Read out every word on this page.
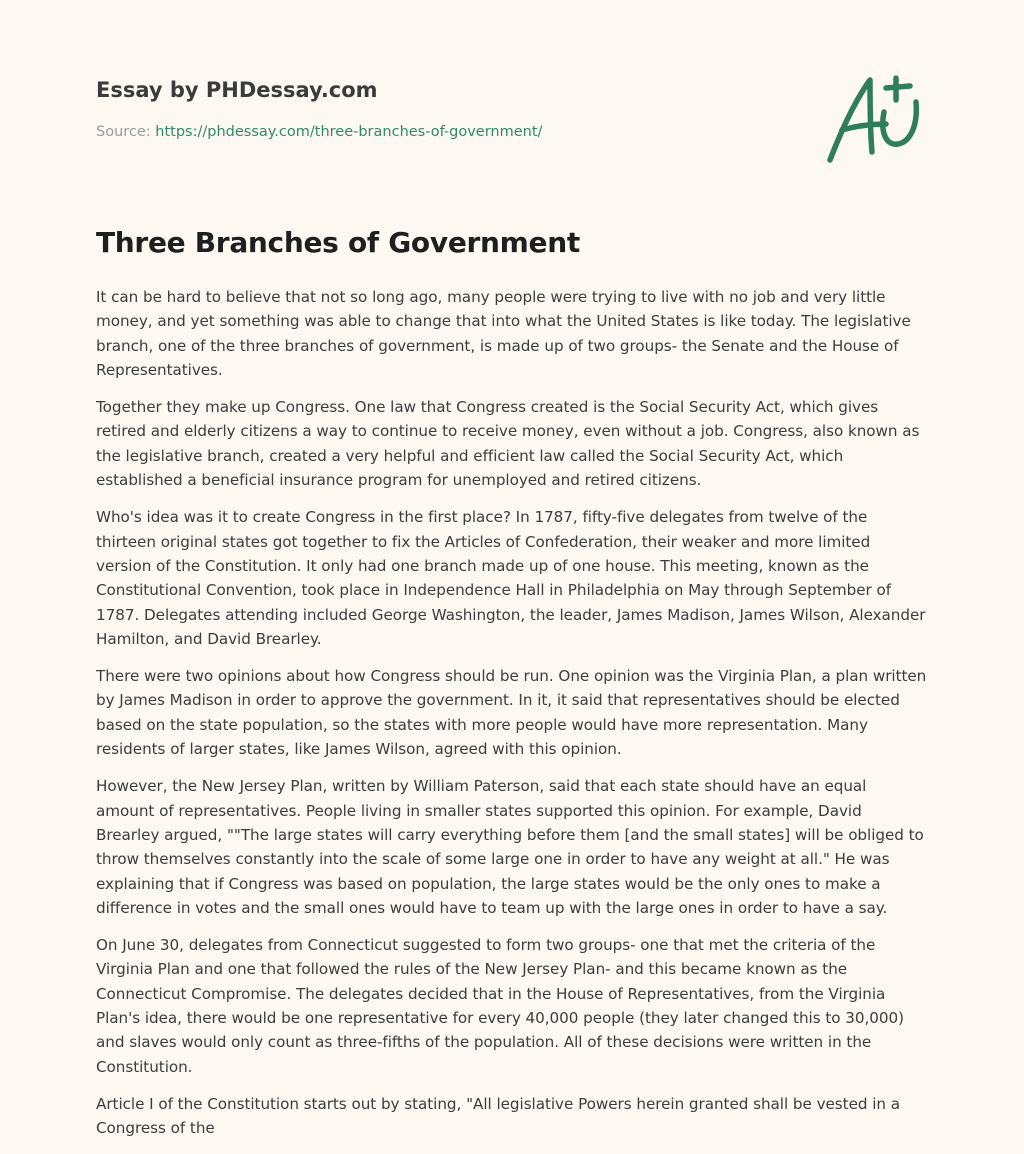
Essay by PHDessay.com
Source: https://phdessay.com/three-branches-of-government/
Three Branches of Government

It can be hard to believe that not so long ago, many people were trying to live with no job and very little money, and yet something was able to change that into what the United States is like today. The legislative branch, one of the three branches of government, is made up of two groups- the Senate and the House of Representatives.

Together they make up Congress. One law that Congress created is the Social Security Act, which gives retired and elderly citizens a way to continue to receive money, even without a job. Congress, also known as the legislative branch, created a very helpful and efficient law called the Social Security Act, which established a beneficial insurance program for unemployed and retired citizens.

Who's idea was it to create Congress in the first place? In 1787, fifty-five delegates from twelve of the thirteen original states got together to fix the Articles of Confederation, their weaker and more limited version of the Constitution. It only had one branch made up of one house. This meeting, known as the Constitutional Convention, took place in Independence Hall in Philadelphia on May through September of 1787. Delegates attending included George Washington, the leader, James Madison, James Wilson, Alexander Hamilton, and David Brearley.

There were two opinions about how Congress should be run. One opinion was the Virginia Plan, a plan written by James Madison in order to approve the government. In it, it said that representatives should be elected based on the state population, so the states with more people would have more representation. Many residents of larger states, like James Wilson, agreed with this opinion.

However, the New Jersey Plan, written by William Paterson, said that each state should have an equal amount of representatives. People living in smaller states supported this opinion. For example, David Brearley argued, ""The large states will carry everything before them [and the small states] will be obliged to throw themselves constantly into the scale of some large one in order to have any weight at all." He was explaining that if Congress was based on population, the large states would be the only ones to make a difference in votes and the small ones would have to team up with the large ones in order to have a say.

On June 30, delegates from Connecticut suggested to form two groups- one that met the criteria of the Virginia Plan and one that followed the rules of the New Jersey Plan- and this became known as the Connecticut Compromise. The delegates decided that in the House of Representatives, from the Virginia Plan's idea, there would be one representative for every 40,000 people (they later changed this to 30,000) and slaves would only count as three-fifths of the population. All of these decisions were written in the Constitution.

Article I of the Constitution starts out by stating, "All legislative Powers herein granted shall be vested in a Congress of the
